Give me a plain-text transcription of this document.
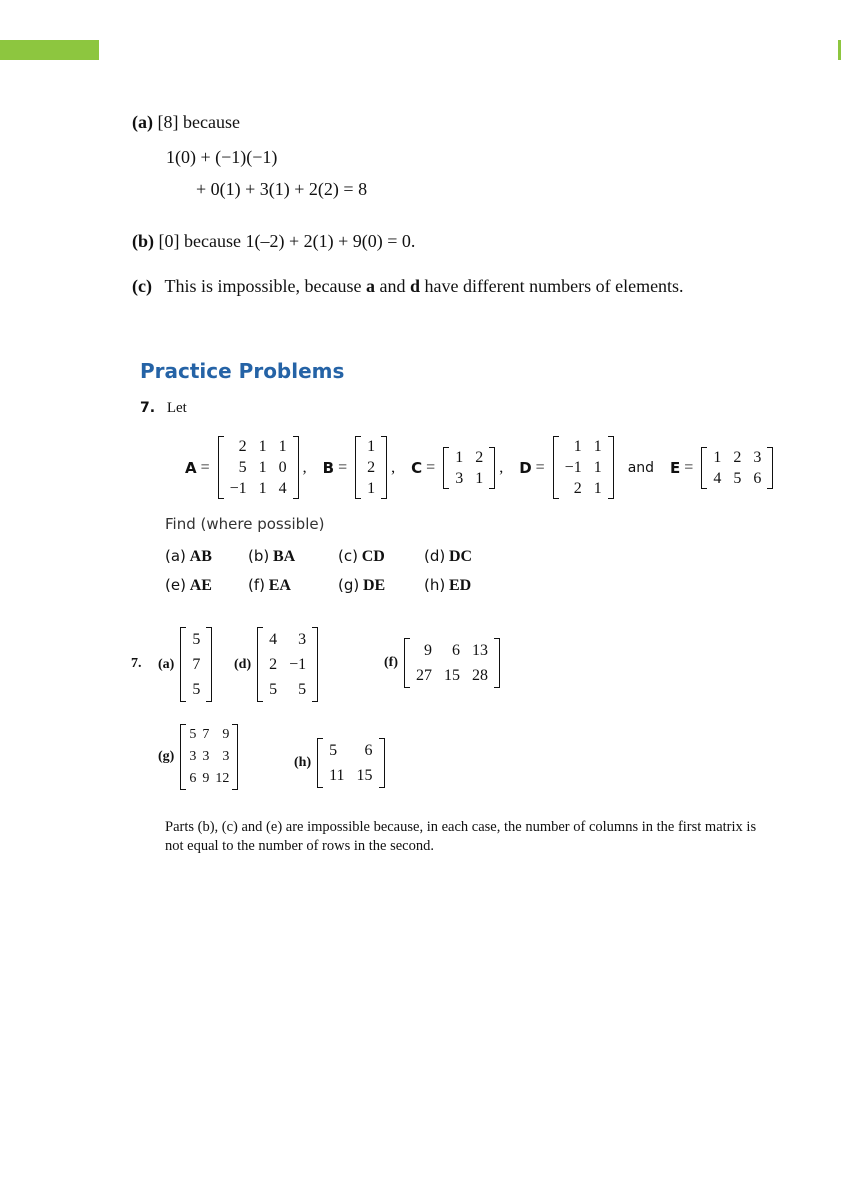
(a) [8] because
1(0) + (−1)(−1)
+ 0(1) + 3(1) + 2(2) = 8
(b) [0] because 1(–2) + 2(1) + 9(0) = 0.
(c) This is impossible, because a and d have different numbers of elements.
Practice Problems
7. Let
A =
2	1	1
5	1	0
−1	1	4
, B =
1
2
1
, C =
1	2
3	1
, D =
1	1
−1	1
2	1
and E =
1	2	3
4	5	6
Find (where possible)
(a) AB (b) BA	(c) CD	(d) DC
(e) AE (f) EA	(g) DE	(h) ED
7. (a)
5
7
5
(d)
4	3
2	−1
5	5
(f)
9	6	13
27	15	28
(g)
5	7	9
3	3	3
6	9	12
(h)
5	6
11	15
Parts (b), (c) and (e) are impossible because, in each case, the number of columns in the first matrix is not equal to the number of rows in the second.
